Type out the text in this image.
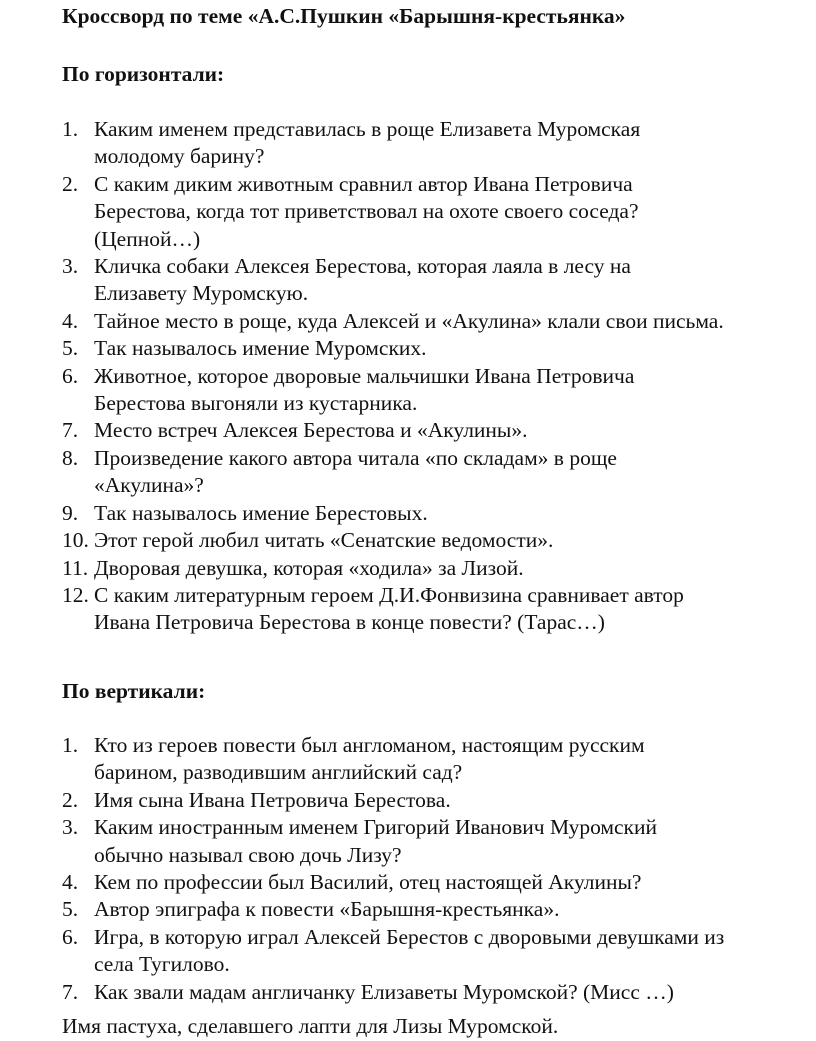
Кроссворд по теме «А.С.Пушкин «Барышня-крестьянка»
По горизонтали:
1. Каким именем представилась в роще Елизавета Муромская
молодому барину?
2. С каким диким животным сравнил автор Ивана Петровича
Берестова, когда тот приветствовал на охоте своего соседа?
(Цепной…)
3. Кличка собаки Алексея Берестова, которая лаяла в лесу на
Елизавету Муромскую.
4. Тайное место в роще, куда Алексей и «Акулина» клали свои письма.
5. Так называлось имение Муромских.
6. Животное, которое дворовые мальчишки Ивана Петровича
Берестова выгоняли из кустарника.
7. Место встреч Алексея Берестова и «Акулины».
8. Произведение какого автора читала «по складам» в роще
«Акулина»?
9. Так называлось имение Берестовых.
10. Этот герой любил читать «Сенатские ведомости».
11. Дворовая девушка, которая «ходила» за Лизой.
12. С каким литературным героем Д.И.Фонвизина сравнивает автор
Ивана Петровича Берестова в конце повести? (Тарас…)
По вертикали:
1. Кто из героев повести был англоманом, настоящим русским
барином, разводившим английский сад?
2. Имя сына Ивана Петровича Берестова.
3. Каким иностранным именем Григорий Иванович Муромский
обычно называл свою дочь Лизу?
4. Кем по профессии был Василий, отец настоящей Акулины?
5. Автор эпиграфа к повести «Барышня-крестьянка».
6. Игра, в которую играл Алексей Берестов с дворовыми девушками из
села Тугилово.
7. Как звали мадам англичанку Елизаветы Муромской? (Мисс …)
Имя пастуха, сделавшего лапти для Лизы Муромской.
